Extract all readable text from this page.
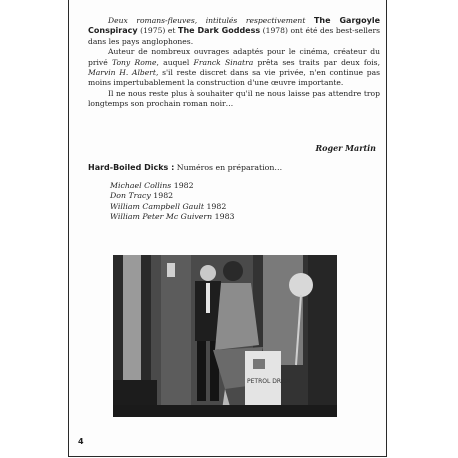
Deux romans-fleuves, intitulés respectivement The Gargoyle Conspiracy (1975) et The Dark Goddess (1978) ont été des best-sellers dans les pays anglophones.
Auteur de nombreux ouvrages adaptés pour le cinéma, créateur du privé Tony Rome, auquel Franck Sinatra prêta ses traits par deux fois, Marvin H. Albert, s'il reste discret dans sa vie privée, n'en continue pas moins impertubablement la construction d'une œuvre importante.
Il ne nous reste plus à souhaiter qu'il ne nous laisse pas attendre trop longtemps son prochain roman noir…
Roger Martin
Hard-Boiled Dicks : Numéros en préparation…
Michael Collins 1982
Don Tracy 1982
William Campbell Gault 1982
William Peter Mc Guivern 1983
PETROL DRUM
4
